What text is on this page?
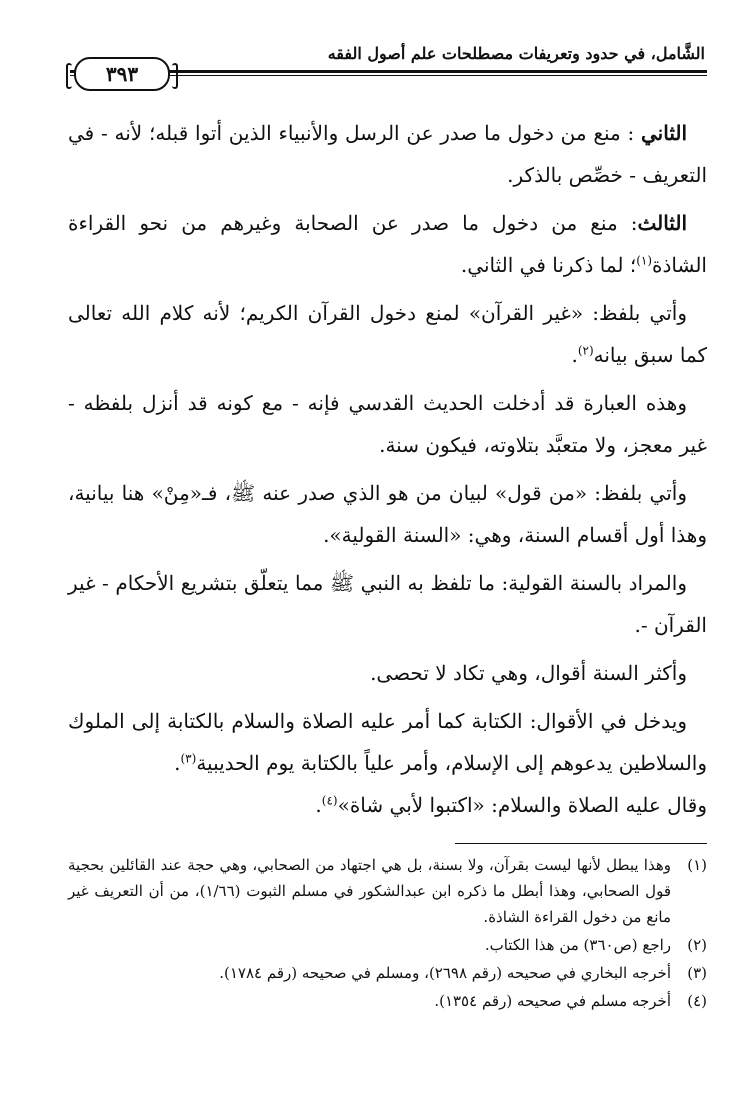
الشَّامل، في حدود وتعريفات مصطلحات علم أصول الفقه
٣٩٣

الثاني : منع من دخول ما صدر عن الرسل والأنبياء الذين أتوا قبله؛ لأنه - في التعريف - خصِّص بالذكر.

الثالث: منع من دخول ما صدر عن الصحابة وغيرهم من نحو القراءة الشاذة$^{(١)}$؛ لما ذكرنا في الثاني.

وأتي بلفظ: «غير القرآن» لمنع دخول القرآن الكريم؛ لأنه كلام الله تعالى كما سبق بيانه$^{(٢)}$.

وهذه العبارة قد أدخلت الحديث القدسي فإنه - مع كونه قد أنزل بلفظه - غير معجز، ولا متعبَّد بتلاوته، فيكون سنة.

وأتي بلفظ: «من قول» لبيان من هو الذي صدر عنه ﷺ، فـ«مِنْ» هنا بيانية، وهذا أول أقسام السنة، وهي: «السنة القولية».

والمراد بالسنة القولية: ما تلفظ به النبي ﷺ مما يتعلّق بتشريع الأحكام - غير القرآن -.

وأكثر السنة أقوال، وهي تكاد لا تحصى.

ويدخل في الأقوال: الكتابة كما أمر عليه الصلاة والسلام بالكتابة إلى الملوك والسلاطين يدعوهم إلى الإسلام، وأمر علياً بالكتابة يوم الحديبية$^{(٣)}$.

وقال عليه الصلاة والسلام: «اكتبوا لأبي شاة»$^{(٤)}$.

(١)
وهذا يبطل لأنها ليست بقرآن، ولا بسنة، بل هي اجتهاد من الصحابي، وهي حجة عند القائلين بحجية قول الصحابي، وهذا أبطل ما ذكره ابن عبدالشكور في مسلم الثبوت (١/٦٦)، من أن التعريف غير مانع من دخول القراءة الشاذة.
(٢)
راجع (ص٣٦٠) من هذا الكتاب.
(٣)
أخرجه البخاري في صحيحه (رقم ٢٦٩٨)، ومسلم في صحيحه (رقم ١٧٨٤).
(٤)
أخرجه مسلم في صحيحه (رقم ١٣٥٤).
